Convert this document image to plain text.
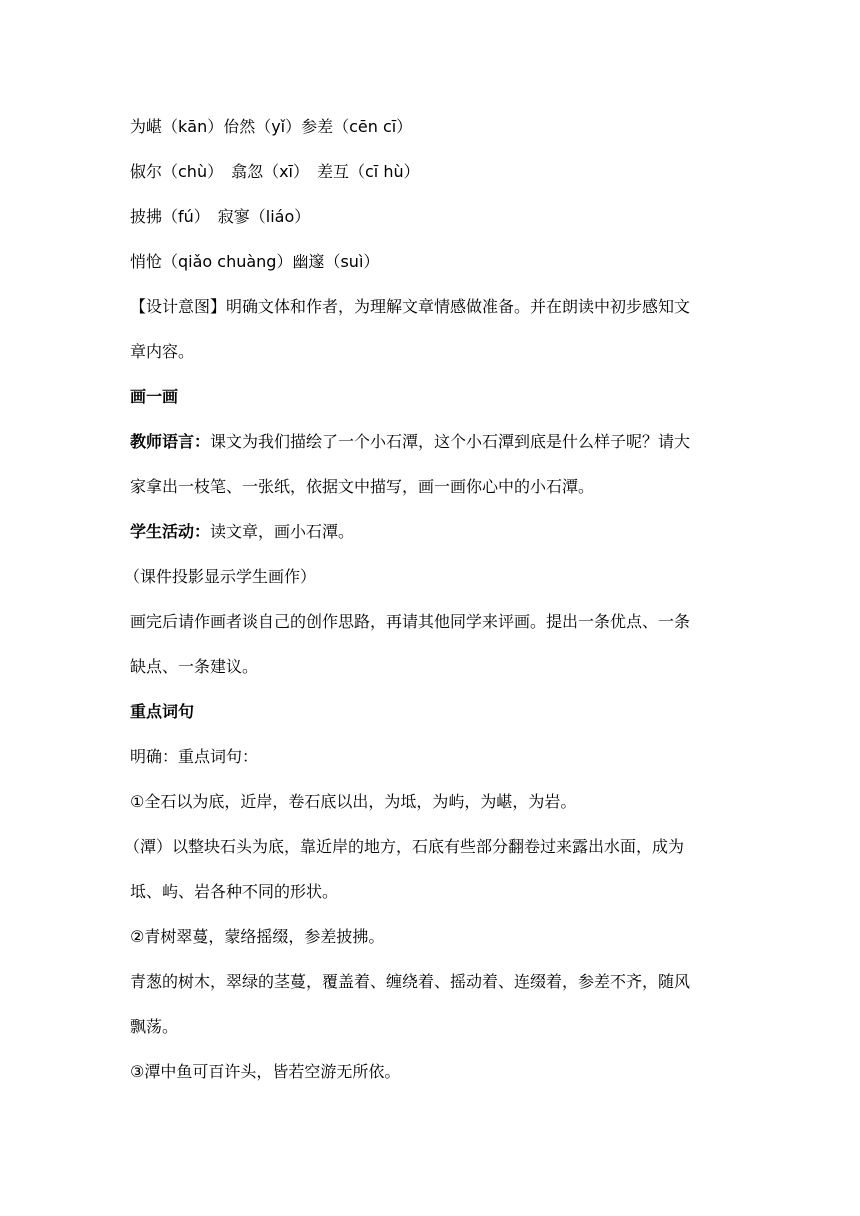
为嵁（kān）佁然（yǐ）参差（cēn cī）
俶尔（chù）　翕忽（xī）　差互（cī hù）
披拂（fú）　寂寥（liáo）
悄怆（qiǎo chuàng）幽邃（suì）
【设计意图】明确文体和作者，为理解文章情感做准备。并在朗读中初步感知文
章内容。
画一画
教师语言：课文为我们描绘了一个小石潭，这个小石潭到底是什么样子呢？请大
家拿出一枝笔、一张纸，依据文中描写，画一画你心中的小石潭。
学生活动：读文章，画小石潭。
（课件投影显示学生画作）
画完后请作画者谈自己的创作思路，再请其他同学来评画。提出一条优点、一条
缺点、一条建议。
重点词句
明确：重点词句：
①全石以为底，近岸，卷石底以出，为坻，为屿，为嵁，为岩。
（潭）以整块石头为底，靠近岸的地方，石底有些部分翻卷过来露出水面，成为
坻、屿、岩各种不同的形状。
②青树翠蔓，蒙络摇缀，参差披拂。
青葱的树木，翠绿的茎蔓，覆盖着、缠绕着、摇动着、连缀着，参差不齐，随风
飘荡。
③潭中鱼可百许头，皆若空游无所依。
